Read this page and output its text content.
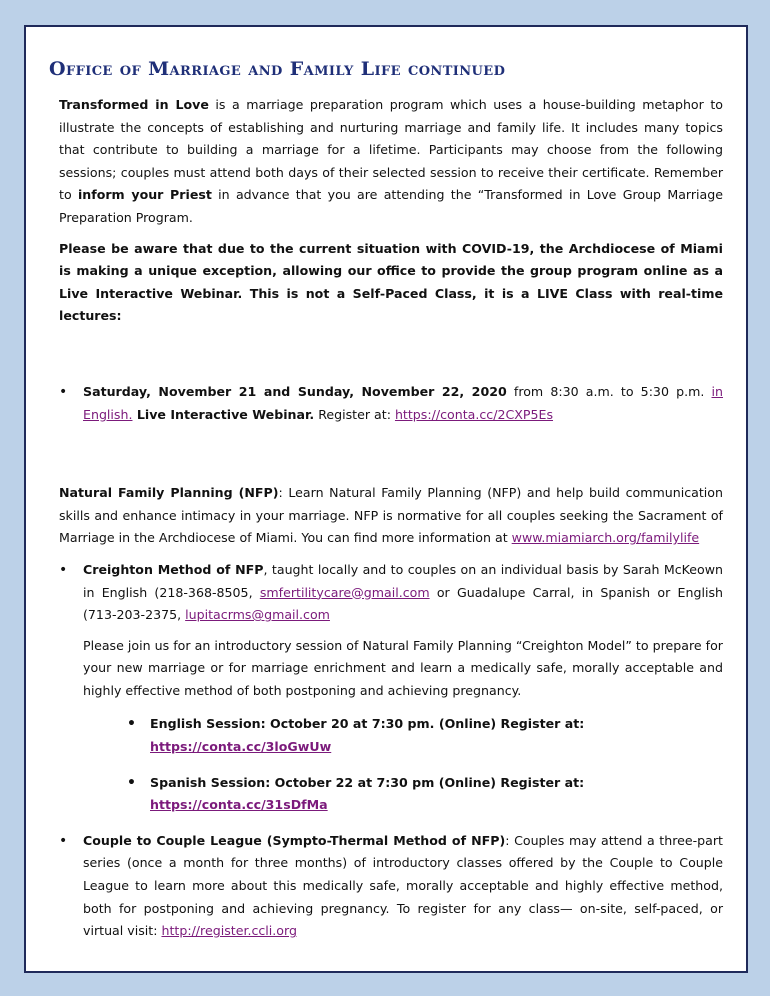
Office of Marriage and Family Life continued

Transformed in Love is a marriage preparation program which uses a house-building metaphor to illustrate the concepts of establishing and nurturing marriage and family life. It includes many topics that contribute to building a marriage for a lifetime. Participants may choose from the following sessions; couples must attend both days of their selected session to receive their certificate. Remember to inform your Priest in advance that you are attending the “Transformed in Love Group Marriage Preparation Program.

Please be aware that due to the current situation with COVID-19, the Archdiocese of Miami is making a unique exception, allowing our office to provide the group program online as a Live Interactive Webinar. This is not a Self-Paced Class, it is a LIVE Class with real-time lectures:

• Saturday, November 21 and Sunday, November 22, 2020 from 8:30 a.m. to 5:30 p.m. in English. Live Interactive Webinar. Register at: https://conta.cc/2CXP5Es

Natural Family Planning (NFP): Learn Natural Family Planning (NFP) and help build communication skills and enhance intimacy in your marriage. NFP is normative for all couples seeking the Sacrament of Marriage in the Archdiocese of Miami. You can find more information at www.miamiarch.org/familylife

• Creighton Method of NFP, taught locally and to couples on an individual basis by Sarah McKeown in English (218-368-8505, smfertilitycare@gmail.com or Guadalupe Carral, in Spanish or English (713-203-2375, lupitacrms@gmail.com

Please join us for an introductory session of Natural Family Planning “Creighton Model” to prepare for your new marriage or for marriage enrichment and learn a medically safe, morally acceptable and highly effective method of both postponing and achieving pregnancy.

• English Session: October 20 at 7:30 pm. (Online) Register at: https://conta.cc/3loGwUw
• Spanish Session: October 22 at 7:30 pm (Online) Register at: https://conta.cc/31sDfMa
• Couple to Couple League (Sympto-Thermal Method of NFP): Couples may attend a three-part series (once a month for three months) of introductory classes offered by the Couple to Couple League to learn more about this medically safe, morally acceptable and highly effective method, both for postponing and achieving pregnancy. To register for any class— on-site, self-paced, or virtual visit: http://register.ccli.org
